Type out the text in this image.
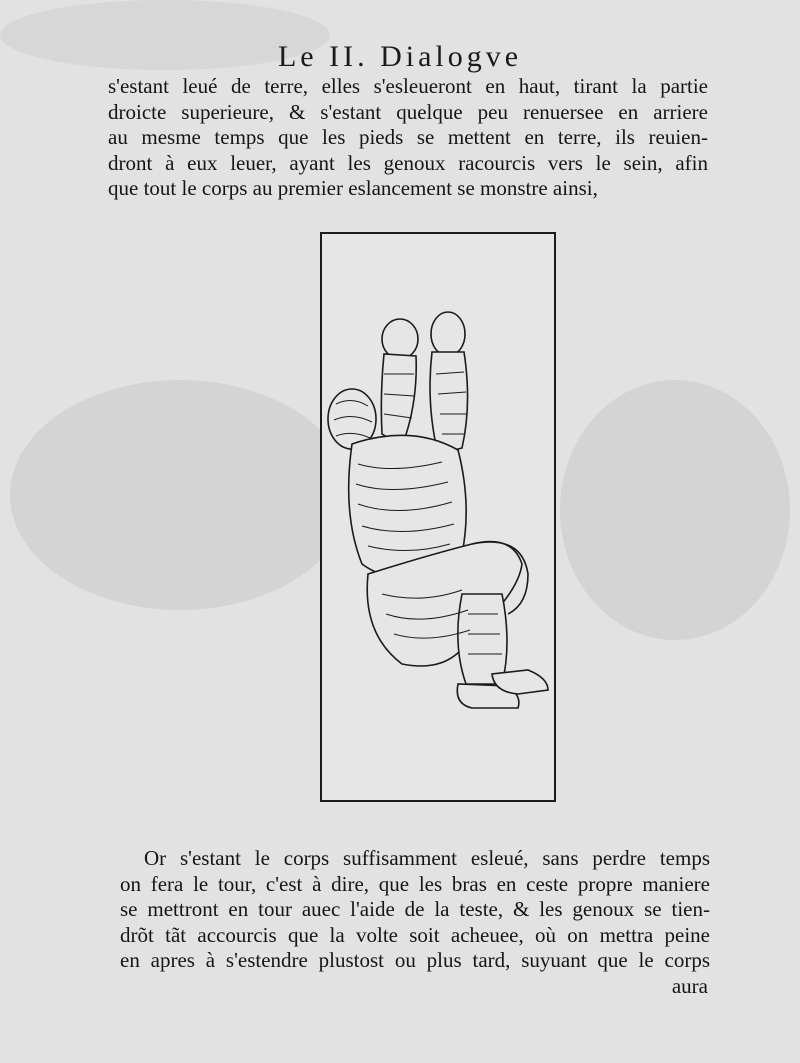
Le II. Dialogve
s'estant leué de terre, elles s'esleueront en haut, tirant la partie
droicte superieure, & s'estant quelque peu renuersee en arriere
au mesme temps que les pieds se mettent en terre, ils reuien-
dront à eux leuer, ayant les genoux racourcis vers le sein, afin
que tout le corps au premier eslancement se monstre ainsi,
Or s'estant le corps suffisamment esleué, sans perdre temps
on fera le tour, c'est à dire, que les bras en ceste propre maniere
se mettront en tour auec l'aide de la teste, & les genoux se tien-
drõt tãt accourcis que la volte soit acheuee, où on mettra peine
en apres à s'estendre plustost ou plus tard, suyuant que le corps
aura
